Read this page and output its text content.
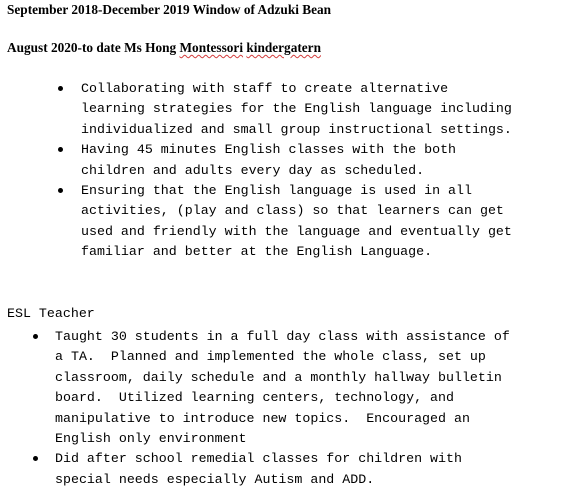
September 2018-December 2019 Window of Adzuki Bean
August 2020-to date Ms Hong Montessori kindergatern
Collaborating with staff to create alternative
learning strategies for the English language including
individualized and small group instructional settings.
Having 45 minutes English classes with the both
children and adults every day as scheduled.
Ensuring that the English language is used in all
activities, (play and class) so that learners can get
used and friendly with the language and eventually get
familiar and better at the English Language.
ESL Teacher
Taught 30 students in a full day class with assistance of
a TA.  Planned and implemented the whole class, set up
classroom, daily schedule and a monthly hallway bulletin
board.  Utilized learning centers, technology, and
manipulative to introduce new topics.  Encouraged an
English only environment
Did after school remedial classes for children with
special needs especially Autism and ADD.
